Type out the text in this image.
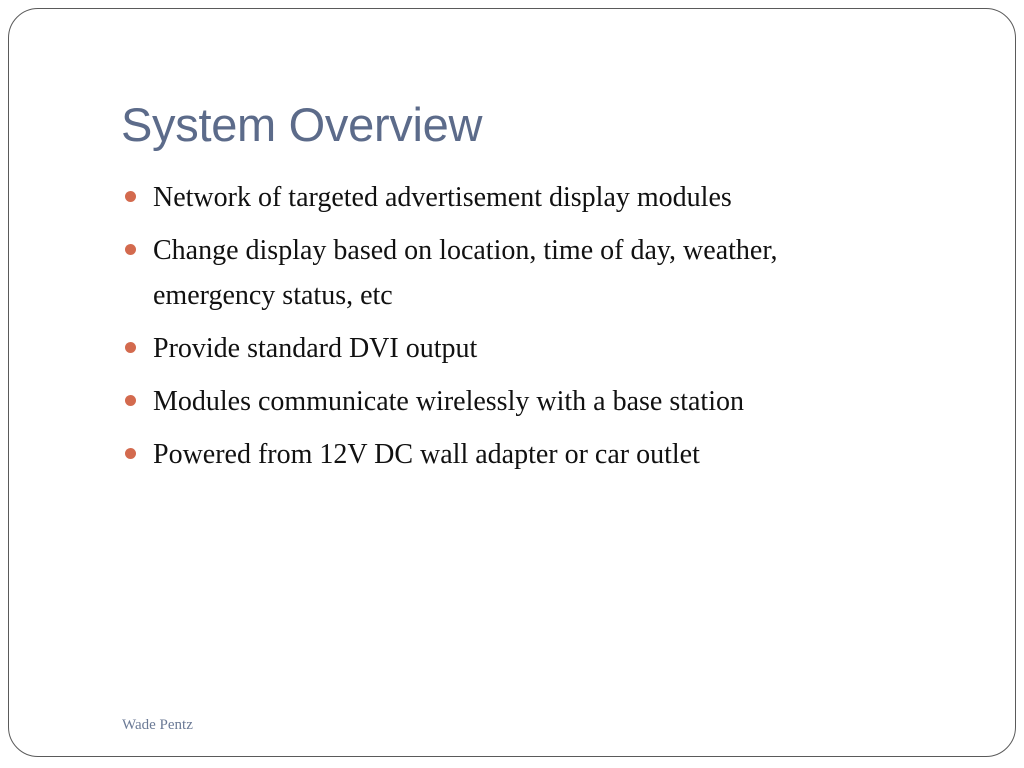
System Overview
Network of targeted advertisement display modules
Change display based on location, time of day, weather, emergency status, etc
Provide standard DVI output
Modules communicate wirelessly with a base station
Powered from 12V DC wall adapter or car outlet
Wade Pentz
